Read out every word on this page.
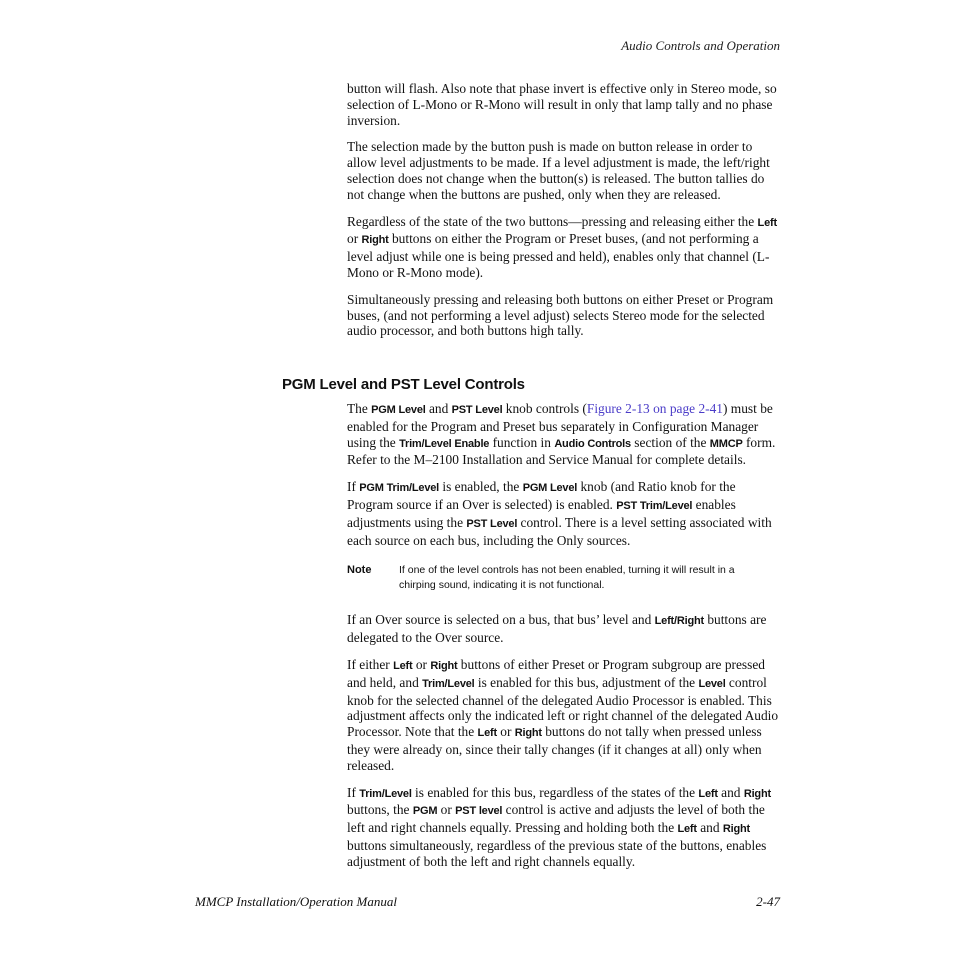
Audio Controls and Operation

button will flash. Also note that phase invert is effective only in Stereo mode, so selection of L-Mono or R-Mono will result in only that lamp tally and no phase inversion.

The selection made by the button push is made on button release in order to allow level adjustments to be made. If a level adjustment is made, the left/right selection does not change when the button(s) is released. The button tallies do not change when the buttons are pushed, only when they are released.

Regardless of the state of the two buttons—pressing and releasing either the Left or Right buttons on either the Program or Preset buses, (and not performing a level adjust while one is being pressed and held), enables only that channel (L-Mono or R-Mono mode).

Simultaneously pressing and releasing both buttons on either Preset or Program buses, (and not performing a level adjust) selects Stereo mode for the selected audio processor, and both buttons high tally.

PGM Level and PST Level Controls

The PGM Level and PST Level knob controls (Figure 2-13 on page 2-41) must be enabled for the Program and Preset bus separately in Configuration Manager using the Trim/Level Enable function in Audio Controls section of the MMCP form. Refer to the M–2100 Installation and Service Manual for complete details.

If PGM Trim/Level is enabled, the PGM Level knob (and Ratio knob for the Program source if an Over is selected) is enabled. PST Trim/Level enables adjustments using the PST Level control. There is a level setting associated with each source on each bus, including the Only sources.

Note	If one of the level controls has not been enabled, turning it will result in a chirping sound, indicating it is not functional.

If an Over source is selected on a bus, that bus’ level and Left/Right buttons are delegated to the Over source.

If either Left or Right buttons of either Preset or Program subgroup are pressed and held, and Trim/Level is enabled for this bus, adjustment of the Level control knob for the selected channel of the delegated Audio Processor is enabled. This adjustment affects only the indicated left or right channel of the delegated Audio Processor. Note that the Left or Right buttons do not tally when pressed unless they were already on, since their tally changes (if it changes at all) only when released.

If Trim/Level is enabled for this bus, regardless of the states of the Left and Right buttons, the PGM or PST level control is active and adjusts the level of both the left and right channels equally. Pressing and holding both the Left and Right buttons simultaneously, regardless of the previous state of the buttons, enables adjustment of both the left and right channels equally.

MMCP Installation/Operation Manual	2-47
